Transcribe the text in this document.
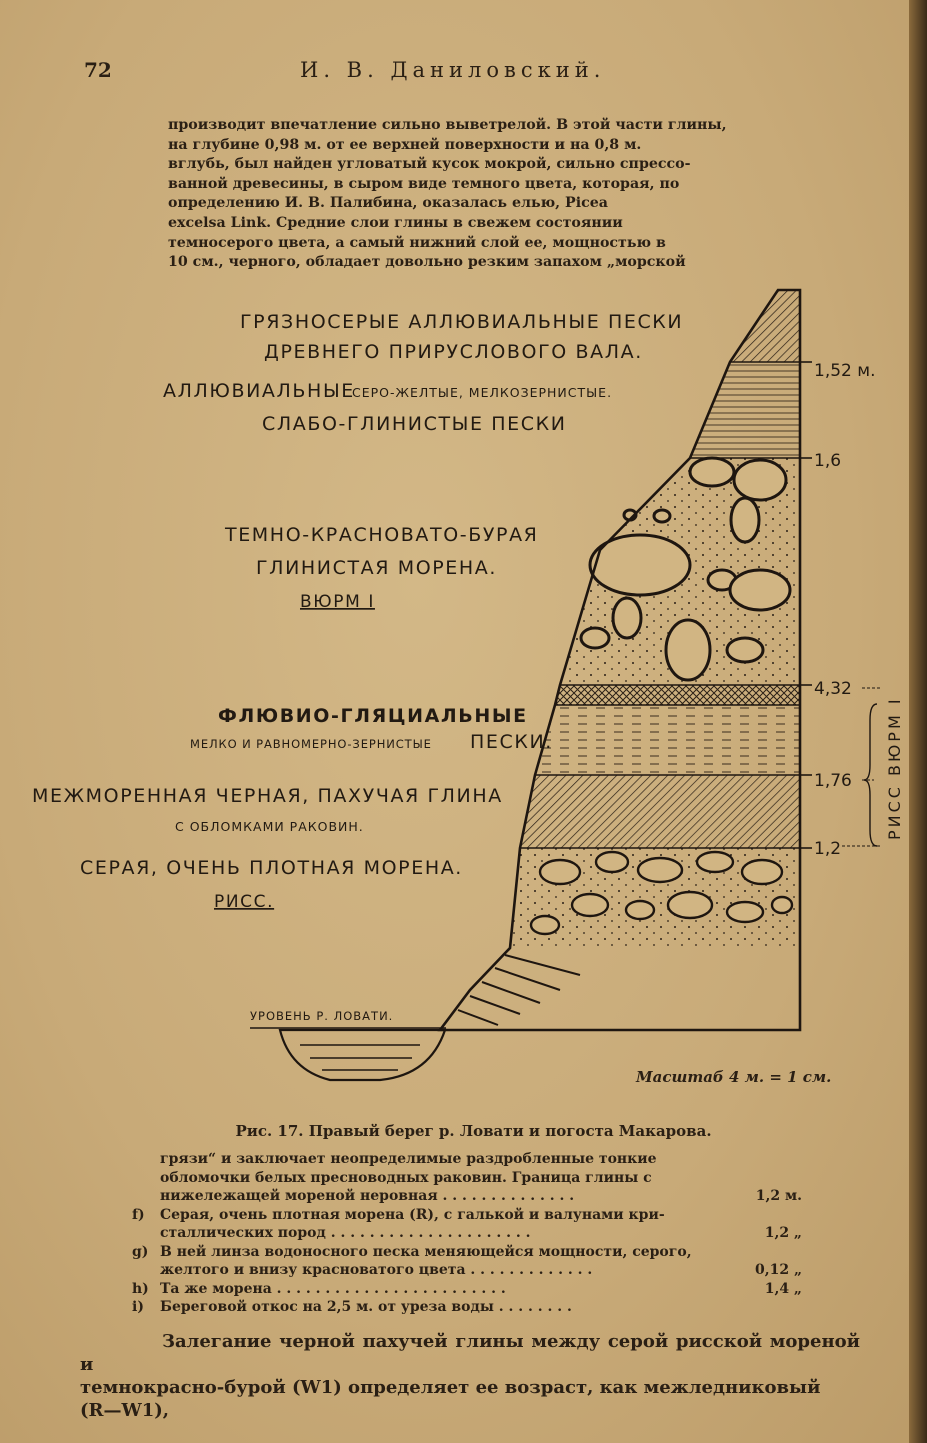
72	И. В. Даниловский.

производит впечатление сильно выветрелой. В этой части глины,

на глубине 0,98 м. от ее верхней поверхности и на 0,8 м.

вглубь, был найден угловатый кусок мокрой, сильно спрессо-

ванной древесины, в сыром виде темного цвета, которая, по

определению И. В. Палибина, оказалась елью, Picea

excelsa Link. Средние слои глины в свежем состоянии

темносерого цвета, а самый нижний слой ее, мощностью в

10 см., черного, обладает довольно резким запахом „морской

1,52 м.
1,6
4,32
1,76
1,2
РИСС ВЮРМ I
ГРЯЗНОСЕРЫЕ АЛЛЮВИАЛЬНЫЕ ПЕСКИ
ДРЕВНЕГО ПРИРУСЛОВОГО ВАЛА.
АЛЛЮВИАЛЬНЫЕ
СЕРО-ЖЕЛТЫЕ, МЕЛКОЗЕРНИСТЫЕ.
СЛАБО-ГЛИНИСТЫЕ ПЕСКИ
ТЕМНО-КРАСНОВАТО-БУРАЯ
ГЛИНИСТАЯ МОРЕНА.
ВЮРМ I
ФЛЮВИО-ГЛЯЦИАЛЬНЫЕ
МЕЛКО И РАВНОМЕРНО-ЗЕРНИСТЫЕ ПЕСКИ.
МЕЖМОРЕННАЯ ЧЕРНАЯ, ПАХУЧАЯ ГЛИНА
С ОБЛОМКАМИ РАКОВИН.
СЕРАЯ, ОЧЕНЬ ПЛОТНАЯ МОРЕНА.
РИСС.
УРОВЕНЬ Р. ЛОВАТИ.
Масштаб 4 м. = 1 см.
Рис. 17. Правый берег р. Ловати и погоста Макарова.
грязи“ и заключает неопределимые раздробленные тонкие обломочки белых пресноводных раковин. Граница глины с нижележащей мореной неровная . . . . . . . . . . . . . .	1,2 м.
f) Серая, очень плотная морена (R), с галькой и валунами кри-сталлических пород . . . . . . . . . . . . . . . . . . . . .	1,2 „
g) В ней линза водоносного песка меняющейся мощности, серого, желтого и внизу красноватого цвета . . . . . . . . . . . . .	0,12 „
h) Та же морена . . . . . . . . . . . . . . . . . . . . . . . .	1,4 „
i) Береговой откос на 2,5 м. от уреза воды . . . . . . . .

Залегание черной пахучей глины между серой рисской мореной и

темнокрасно-бурой (W1) определяет ее возраст, как межледниковый

(R—W1),
